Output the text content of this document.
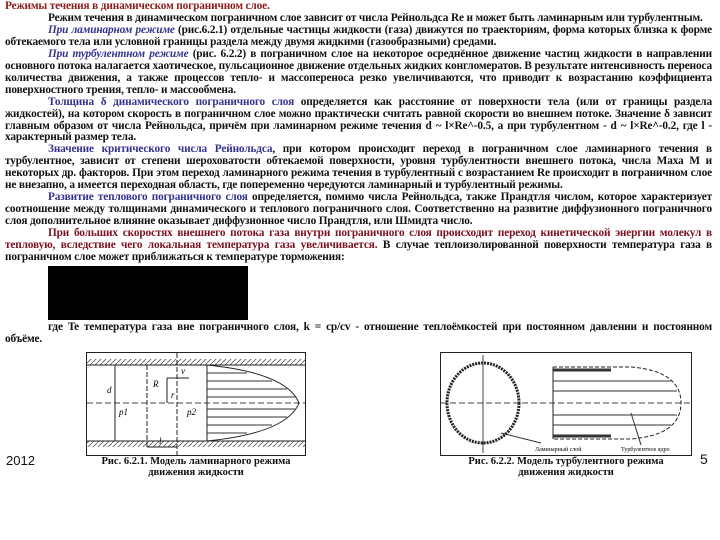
Режимы течения в динамическом пограничном слое.

Режим течения в динамическом пограничном слое зависит от числа Рейнольдса Re и может быть ламинарным или турбулентным.

При ламинарном режиме (рис.6.2.1) отдельные частицы жидкости (газа) движутся по траекториям, форма которых близка к форме обтекаемого тела или условной границы раздела между двумя жидкими (газообразными) средами.

При турбулентном режиме (рис. 6.2.2) в пограничном слое на некоторое осреднённое движение частиц жидкости в направлении основного потока налагается хаотическое, пульсационное движение отдельных жидких конгломератов. В результате интенсивность переноса количества движения, а также процессов тепло- и массопереноса резко увеличиваются, что приводит к возрастанию коэффициента поверхностного трения, тепло- и массообмена.

Толщина δ динамического пограничного слоя определяется как расстояние от поверхности тела (или от границы раздела жидкостей), на котором скорость в пограничном слое можно практически считать равной скорости во внешнем потоке. Значение δ зависит главным образом от числа Рейнольдса, причём при ламинарном режиме течения d ~ l×Re^-0.5, а при турбулентном - d ~ l×Re^-0.2, где l - характерный размер тела.

Значение критического числа Рейнольдса, при котором происходит переход в пограничном слое ламинарного течения в турбулентное, зависит от степени шероховатости обтекаемой поверхности, уровня турбулентности внешнего потока, числа Маха M и некоторых др. факторов. При этом переход ламинарного режима течения в турбулентный с возрастанием Re происходит в пограничном слое не внезапно, а имеется переходная область, где попеременно чередуются ламинарный и турбулентный режимы.

Развитие теплового пограничного слоя определяется, помимо числа Рейнольдса, также Прандтля числом, которое характеризует соотношение между толщинами динамического и теплового пограничного слоя. Соответственно на развитие диффузионного пограничного слоя дополнительное влияние оказывает диффузионное число Прандтля, или Шмидта число.

При больших скоростях внешнего потока газа внутри пограничного слоя происходит переход кинетической энергии молекул в тепловую, вследствие чего локальная температура газа увеличивается. В случае теплоизолированной поверхности температура газа в пограничном слое может приближаться к температуре торможения:

где Te температура газа вне пограничного слоя, k = cp/cv - отношение теплоёмкостей при постоянном давлении и постоянном объёме.

d
R
r
v
p1	p2
l
Рис. 6.2.1. Модель ламинарного режима движения жидкости
Ламинарный слой	Турбулентное ядро
Рис. 6.2.2. Модель турбулентного режима движения жидкости
2012	5
